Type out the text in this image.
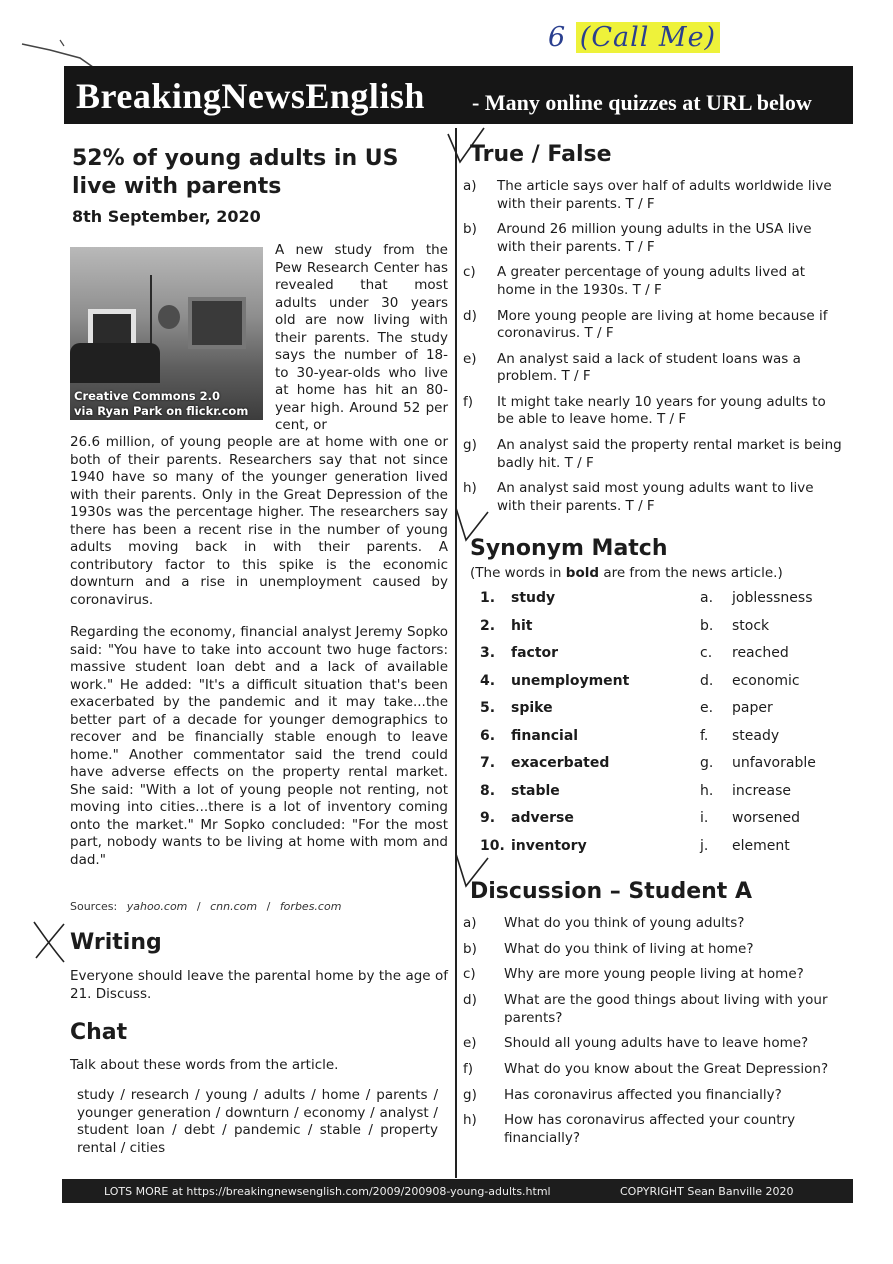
6 (Call Me)
BreakingNewsEnglish - Many online quizzes at URL below
52% of young adults in US live with parents
8th September, 2020
Creative Commons 2.0
via Ryan Park on flickr.com

A new study from the Pew Research Center has revealed that most adults under 30 years old are now living with their parents. The study says the number of 18- to 30-year-olds who live at home has hit an 80-year high. Around 52 per cent, or

26.6 million, of young people are at home with one or both of their parents. Researchers say that not since 1940 have so many of the younger generation lived with their parents. Only in the Great Depression of the 1930s was the percentage higher. The researchers say there has been a recent rise in the number of young adults moving back in with their parents. A contributory factor to this spike is the economic downturn and a rise in unemployment caused by coronavirus.

Regarding the economy, financial analyst Jeremy Sopko said: "You have to take into account two huge factors: massive student loan debt and a lack of available work." He added: "It's a difficult situation that's been exacerbated by the pandemic and it may take...the better part of a decade for younger demographics to recover and be financially stable enough to leave home." Another commentator said the trend could have adverse effects on the property rental market. She said: "With a lot of young people not renting, not moving into cities...there is a lot of inventory coming onto the market." Mr Sopko concluded: "For the most part, nobody wants to be living at home with mom and dad."

Sources: yahoo.com / cnn.com / forbes.com
Writing

Everyone should leave the parental home by the age of 21. Discuss.

Chat
Talk about these words from the article.

study / research / young / adults / home / parents / younger generation / downturn / economy / analyst / student loan / debt / pandemic / stable / property rental / cities

True / False
a) The article says over half of adults worldwide live with their parents. T / F
b) Around 26 million young adults in the USA live with their parents. T / F
c) A greater percentage of young adults lived at home in the 1930s. T / F
d) More young people are living at home because if coronavirus. T / F
e) An analyst said a lack of student loans was a problem. T / F
f) It might take nearly 10 years for young adults to be able to leave home. T / F
g) An analyst said the property rental market is being badly hit. T / F
h) An analyst said most young adults want to live with their parents. T / F
Synonym Match
(The words in bold are from the news article.)
1. study
2. hit
3. factor
4. unemployment
5. spike
6. financial
7. exacerbated
8. stable
9. adverse
10. inventory
a. joblessness
b. stock
c. reached
d. economic
e. paper
f. steady
g. unfavorable
h. increase
i. worsened
j. element
Discussion – Student A
a) What do you think of young adults?
b) What do you think of living at home?
c) Why are more young people living at home?
d) What are the good things about living with your parents?
e) Should all young adults have to leave home?
f) What do you know about the Great Depression?
g) Has coronavirus affected you financially?
h) How has coronavirus affected your country financially?
LOTS MORE at https://breakingnewsenglish.com/2009/200908-young-adults.html	COPYRIGHT Sean Banville 2020
